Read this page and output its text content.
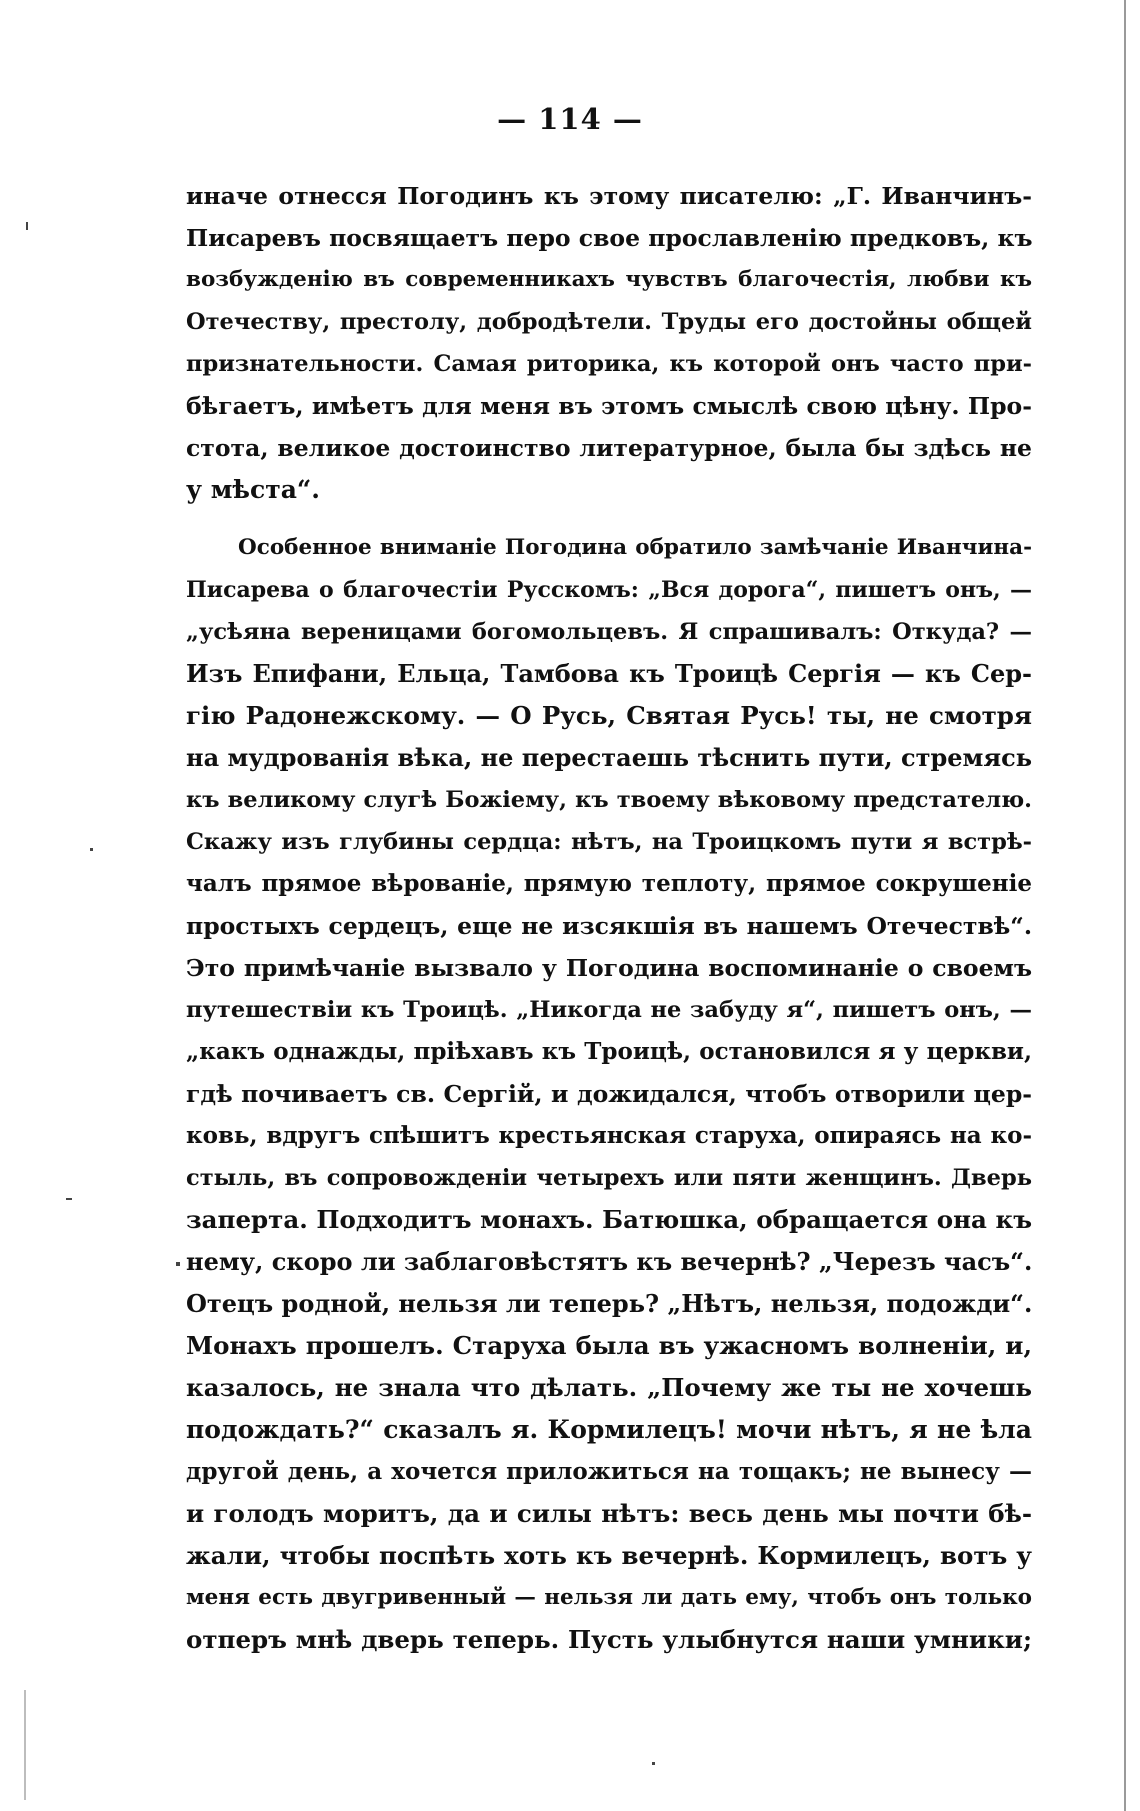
— 114 —
иначе отнесся Погодинъ къ этому писателю: „Г. Иванчинъ-
Писаревъ посвящаетъ перо свое прославленію предковъ, къ
возбужденію въ современникахъ чувствъ благочестія, любви къ
Отечеству, престолу, добродѣтели. Труды его достойны общей
признательности. Самая риторика, къ которой онъ часто при-
бѣгаетъ, имѣетъ для меня въ этомъ смыслѣ свою цѣну. Про-
стота, великое достоинство литературное, была бы здѣсь не
у мѣста“.
Особенное вниманіе Погодина обратило замѣчаніе Иванчина-
Писарева о благочестіи Русскомъ: „Вся дорога“, пишетъ онъ, —
„усѣяна вереницами богомольцевъ. Я спрашивалъ: Откуда? —
Изъ Епифани, Ельца, Тамбова къ Троицѣ Сергія — къ Сер-
гію Радонежскому. — О Русь, Святая Русь! ты, не смотря
на мудрованія вѣка, не перестаешь тѣснить пути, стремясь
къ великому слугѣ Божіему, къ твоему вѣковому предстателю.
Скажу изъ глубины сердца: нѣтъ, на Троицкомъ пути я встрѣ-
чалъ прямое вѣрованіе, прямую теплоту, прямое сокрушеніе
простыхъ сердецъ, еще не изсякшія въ нашемъ Отечествѣ“.
Это примѣчаніе вызвало у Погодина воспоминаніе о своемъ
путешествіи къ Троицѣ. „Никогда не забуду я“, пишетъ онъ, —
„какъ однажды, пріѣхавъ къ Троицѣ, остановился я у церкви,
гдѣ почиваетъ св. Сергій, и дожидался, чтобъ отворили цер-
ковь, вдругъ спѣшитъ крестьянская старуха, опираясь на ко-
стыль, въ сопровожденіи четырехъ или пяти женщинъ. Дверь
заперта. Подходитъ монахъ. Батюшка, обращается она къ
нему, скоро ли заблаговѣстятъ къ вечернѣ? „Черезъ часъ“.
Отецъ родной, нельзя ли теперь? „Нѣтъ, нельзя, подожди“.
Монахъ прошелъ. Старуха была въ ужасномъ волненіи, и,
казалось, не знала что дѣлать. „Почему же ты не хочешь
подождать?“ сказалъ я. Кормилецъ! мочи нѣтъ, я не ѣла
другой день, а хочется приложиться на тощакъ; не вынесу —
и голодъ моритъ, да и силы нѣтъ: весь день мы почти бѣ-
жали, чтобы поспѣть хоть къ вечернѣ. Кормилецъ, вотъ у
меня есть двугривенный — нельзя ли дать ему, чтобъ онъ только
отперъ мнѣ дверь теперь. Пусть улыбнутся наши умники;
